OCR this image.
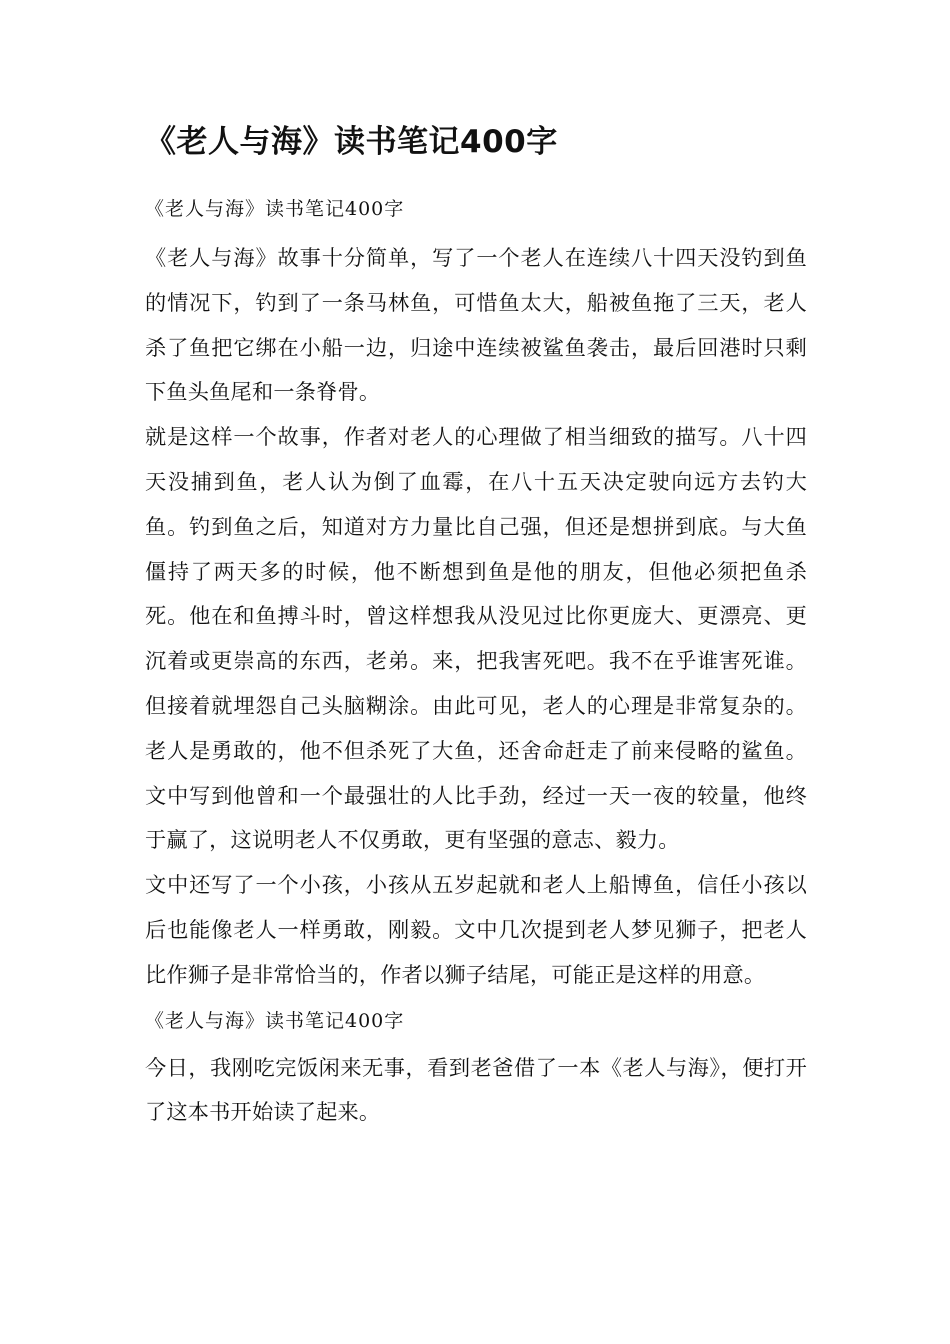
《老人与海》读书笔记400字

《老人与海》读书笔记400字

《老人与海》故事十分简单，写了一个老人在连续八十四天没钓到鱼的情况下，钓到了一条马林鱼，可惜鱼太大，船被鱼拖了三天，老人杀了鱼把它绑在小船一边，归途中连续被鲨鱼袭击，最后回港时只剩下鱼头鱼尾和一条脊骨。

就是这样一个故事，作者对老人的心理做了相当细致的描写。八十四天没捕到鱼，老人认为倒了血霉，在八十五天决定驶向远方去钓大鱼。钓到鱼之后，知道对方力量比自己强，但还是想拼到底。与大鱼僵持了两天多的时候，他不断想到鱼是他的朋友，但他必须把鱼杀死。他在和鱼搏斗时，曾这样想我从没见过比你更庞大、更漂亮、更沉着或更崇高的东西，老弟。来，把我害死吧。我不在乎谁害死谁。但接着就埋怨自己头脑糊涂。由此可见，老人的心理是非常复杂的。老人是勇敢的，他不但杀死了大鱼，还舍命赶走了前来侵略的鲨鱼。文中写到他曾和一个最强壮的人比手劲，经过一天一夜的较量，他终于赢了，这说明老人不仅勇敢，更有坚强的意志、毅力。

文中还写了一个小孩，小孩从五岁起就和老人上船博鱼，信任小孩以后也能像老人一样勇敢，刚毅。文中几次提到老人梦见狮子，把老人比作狮子是非常恰当的，作者以狮子结尾，可能正是这样的用意。

《老人与海》读书笔记400字

今日，我刚吃完饭闲来无事，看到老爸借了一本《老人与海》，便打开了这本书开始读了起来。
